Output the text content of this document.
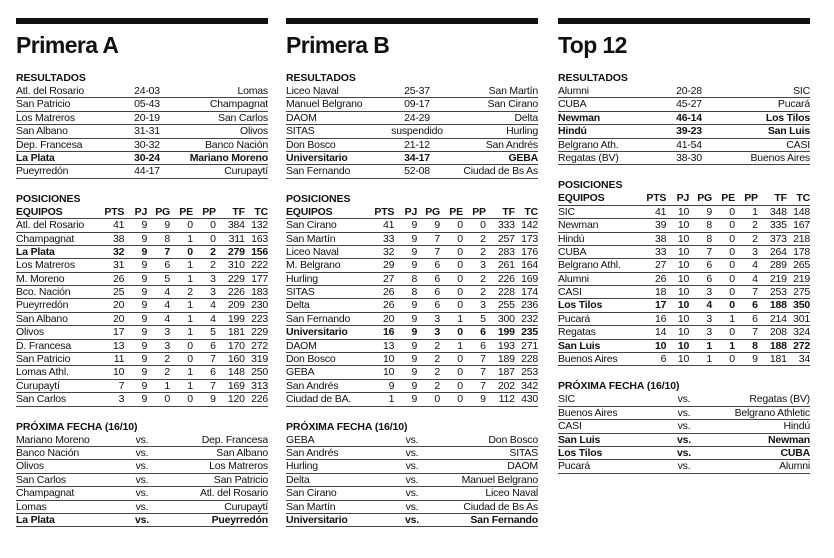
Primera A
RESULTADOS
Atl. del Rosario	24-03	Lomas
San Patricio	05-43	Champagnat
Los Matreros	20-19	San Carlos
San Albano	31-31	Olivos
Dep. Francesa	30-32	Banco Nación
La Plata	30-24	Mariano Moreno
Pueyrredón	44-17	Curupaytí
POSICIONES
EQUIPOS	PTS PJ PG PE PP	TF TC
Atl. del Rosario	41	9	9	0	0	384 132
Champagnat	38	9	8	1	0	311 163
La Plata	32	9	7	0	2	279 156
Los Matreros	31	9	6	1	2	310 222
M. Moreno	26	9	5	1	3	229 177
Bco. Nación	25	9	4	2	3	226 183
Pueyrredón	20	9	4	1	4	209 230
San Albano	20	9	4	1	4	199 223
Olivos	17	9	3	1	5	181 229
D. Francesa	13	9	3	0	6	170 272
San Patricio	11	9	2	0	7	160 319
Lomas Athl.	10	9	2	1	6	148 250
Curupaytí	7	9	1	1	7	169 313
San Carlos	3	9	0	0	9	120 226
PRÓXIMA FECHA (16/10)
Mariano Moreno	vs.	Dep. Francesa
Banco Nación	vs.	San Albano
Olivos	vs.	Los Matreros
San Carlos	vs.	San Patricio
Champagnat	vs.	Atl. del Rosario
Lomas	vs.	Curupaytí
La Plata	vs.	Pueyrredón
Primera B
RESULTADOS
Liceo Naval	25-37	San Martín
Manuel Belgrano	09-17	San Cirano
DAOM	24-29	Delta
SITAS	suspendido	Hurling
Don Bosco	21-12	San Andrés
Universitario	34-17	GEBA
San Fernando	52-08	Ciudad de Bs As
POSICIONES
EQUIPOS	PTS PJ PG PE PP	TF TC
San Cirano	41	9	9	0	0	333 142
San Martín	33	9	7	0	2	257 173
Liceo Naval	32	9	7	0	2	283 176
M. Belgrano	29	9	6	0	3	261 164
Hurling	27	8	6	0	2	226 169
SITAS	26	8	6	0	2	228 174
Delta	26	9	6	0	3	255 236
San Fernando	20	9	3	1	5	300 232
Universitario	16	9	3	0	6	199 235
DAOM	13	9	2	1	6	193 271
Don Bosco	10	9	2	0	7	189 228
GEBA	10	9	2	0	7	187 253
San Andrés	9	9	2	0	7	202 342
Ciudad de BA.	1	9	0	0	9	112 430
PRÓXIMA FECHA (16/10)
GEBA	vs.	Don Bosco
San Andrés	vs.	SITAS
Hurling	vs.	DAOM
Delta	vs.	Manuel Belgrano
San Cirano	vs.	Liceo Naval
San Martín	vs.	Ciudad de Bs As
Universitario	vs.	San Fernando
Top 12
RESULTADOS
Alumni	20-28	SIC
CUBA	45-27	Pucará
Newman	46-14	Los Tilos
Hindú	39-23	San Luis
Belgrano Ath.	41-54	CASI
Regatas (BV)	38-30	Buenos Aires
POSICIONES
EQUIPOS	PTS PJ PG PE PP	TF TC
SIC	41	10	9	0	1	348 148
Newman	39	10	8	0	2	335 167
Hindú	38	10	8	0	2	373 218
CUBA	33	10	7	0	3	264 178
Belgrano Athl.	27	10	6	0	4	289 265
Alumni	26	10	6	0	4	219 219
CASI	18	10	3	0	7	253 275
Los Tilos	17	10	4	0	6	188 350
Pucará	16	10	3	1	6	214 301
Regatas	14	10	3	0	7	208 324
San Luis	10	10	1	1	8	188 272
Buenos Aires	6	10	1	0	9	181	34
PRÓXIMA FECHA (16/10)
SIC	vs.	Regatas (BV)
Buenos Aires	vs.	Belgrano Athletic
CASI	vs.	Hindú
San Luis	vs.	Newman
Los Tilos	vs.	CUBA
Pucará	vs.	Alumni
